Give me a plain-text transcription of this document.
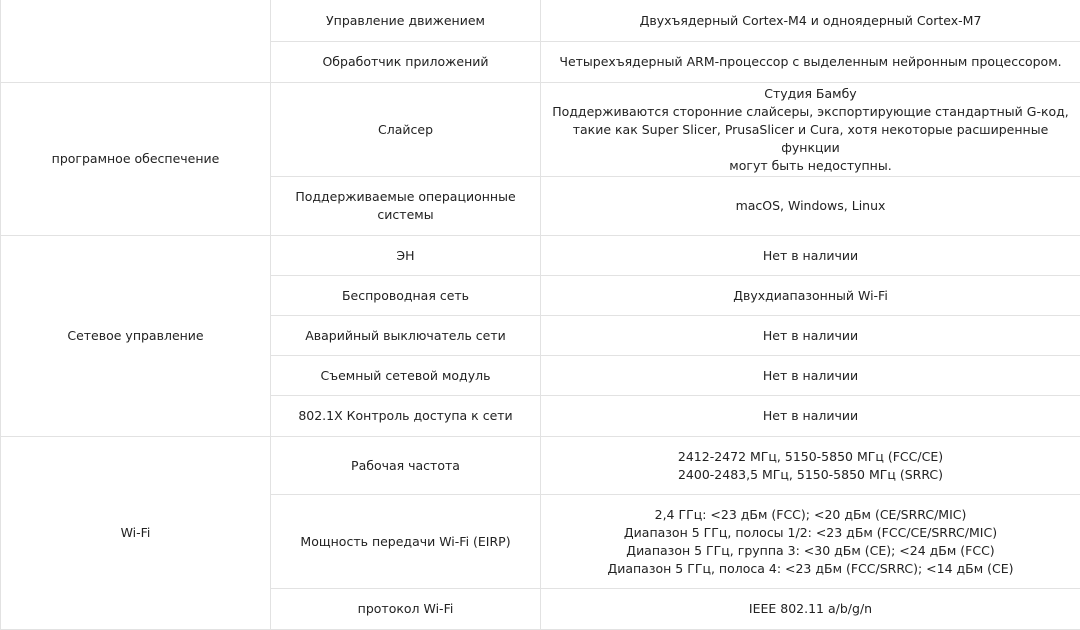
	Управление движением	Двухъядерный Cortex-M4 и одноядерный Cortex-M7
	Обработчик приложений	Четырехъядерный ARM-процессор с выделенным нейронным процессором.
програмное обеспечение	Слайсер	Студия Бамбу
Поддерживаются сторонние слайсеры, экспортирующие стандартный G-код,
такие как Super Slicer, PrusaSlicer и Cura, хотя некоторые расширенные функции
могут быть недоступны.

	Поддерживаемые операционные
системы	macOS, Windows, Linux
Сетевое управление	ЭН	Нет в наличии
	Беспроводная сеть	Двухдиапазонный Wi-Fi
	Аварийный выключатель сети	Нет в наличии
	Съемный сетевой модуль	Нет в наличии
	802.1X Контроль доступа к сети	Нет в наличии
Wi-Fi	Рабочая частота	2412-2472 МГц, 5150-5850 МГц (FCC/CE)
2400-2483,5 МГц, 5150-5850 МГц (SRRC)

	Мощность передачи Wi-Fi (EIRP)	2,4 ГГц: <23 дБм (FCC); <20 дБм (CE/SRRC/MIC)
Диапазон 5 ГГц, полосы 1/2: <23 дБм (FCC/CE/SRRC/MIC)
Диапазон 5 ГГц, группа 3: <30 дБм (CE); <24 дБм (FCC)
Диапазон 5 ГГц, полоса 4: <23 дБм (FCC/SRRC); <14 дБм (CE)

	протокол Wi-Fi	IEEE 802.11 a/b/g/n
